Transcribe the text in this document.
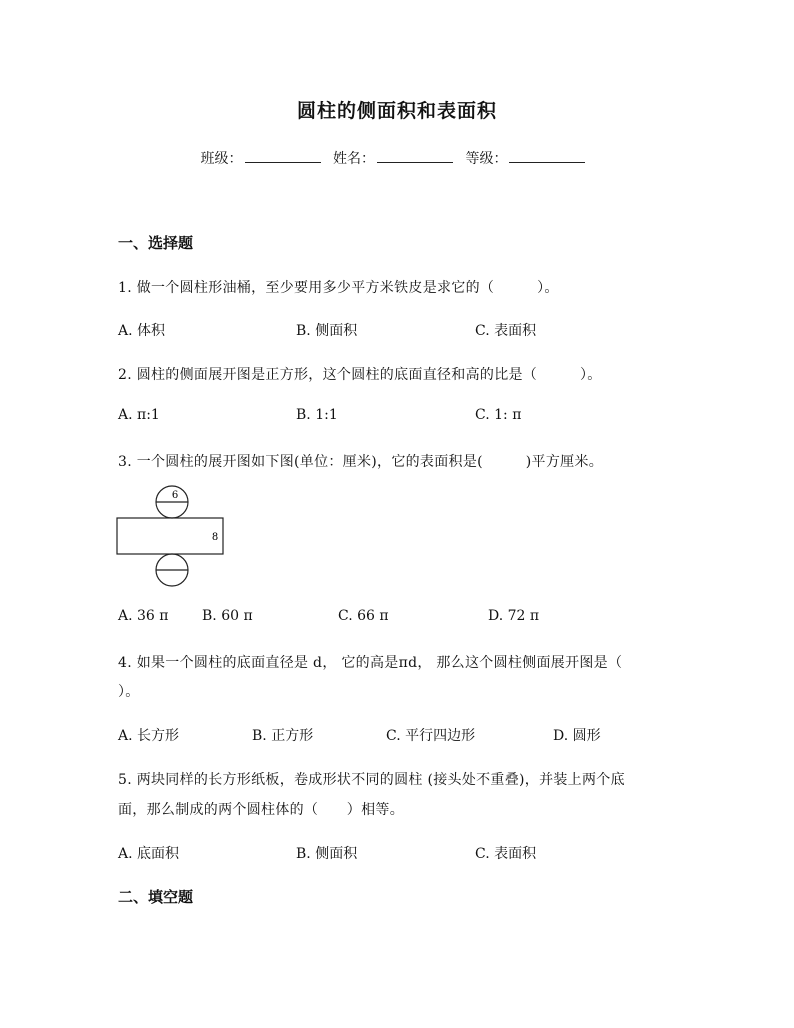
圆柱的侧面积和表面积
班级：	姓名：	等级：
一、选择题
1. 做一个圆柱形油桶，至少要用多少平方米铁皮是求它的（　　　）。
A. 体积	B. 侧面积	C. 表面积
2. 圆柱的侧面展开图是正方形，这个圆柱的底面直径和高的比是（　　　）。
A. π:1	B. 1:1	C. 1: π
3. 一个圆柱的展开图如下图(单位：厘米)，它的表面积是(　　　)平方厘米。
6
8
A. 36 π B. 60 π	C. 66 π	D. 72 π
4. 如果一个圆柱的底面直径是 d， 它的高是πd， 那么这个圆柱侧面展开图是（
）。
A. 长方形	B. 正方形	C. 平行四边形	D. 圆形
5. 两块同样的长方形纸板，卷成形状不同的圆柱 (接头处不重叠)，并装上两个底
面，那么制成的两个圆柱体的（　　）相等。
A. 底面积	B. 侧面积	C. 表面积
二、填空题
